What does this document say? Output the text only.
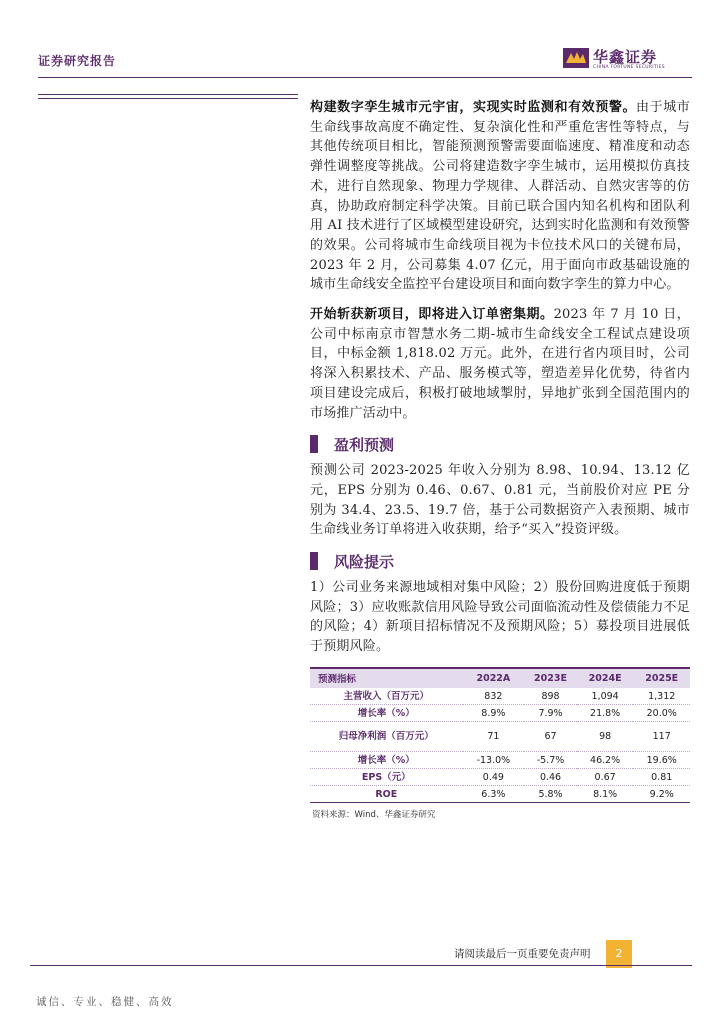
证券研究报告	华鑫证券
CHINA FORTUNE SECURITIES

构建数字孪生城市元宇宙，实现实时监测和有效预警。由于城市生命线事故高度不确定性、复杂演化性和严重危害性等特点，与其他传统项目相比，智能预测预警需要面临速度、精准度和动态弹性调整度等挑战。公司将建造数字孪生城市，运用模拟仿真技术，进行自然现象、物理力学规律、人群活动、自然灾害等的仿真，协助政府制定科学决策。目前已联合国内知名机构和团队利用 AI 技术进行了区域模型建设研究，达到实时化监测和有效预警的效果。公司将城市生命线项目视为卡位技术风口的关键布局，2023 年 2 月，公司募集 4.07 亿元，用于面向市政基础设施的城市生命线安全监控平台建设项目和面向数字孪生的算力中心。

开始斩获新项目，即将进入订单密集期。2023 年 7 月 10 日，公司中标南京市智慧水务二期-城市生命线安全工程试点建设项目，中标金额 1,818.02 万元。此外，在进行省内项目时，公司将深入积累技术、产品、服务模式等，塑造差异化优势，待省内项目建设完成后，积极打破地域掣肘，异地扩张到全国范围内的市场推广活动中。

盈利预测

预测公司 2023-2025 年收入分别为 8.98、10.94、13.12 亿元，EPS 分别为 0.46、0.67、0.81 元，当前股价对应 PE 分别为 34.4、23.5、19.7 倍，基于公司数据资产入表预期、城市生命线业务订单将进入收获期，给予“买入”投资评级。

风险提示

1）公司业务来源地域相对集中风险；2）股份回购进度低于预期风险；3）应收账款信用风险导致公司面临流动性及偿债能力不足的风险；4）新项目招标情况不及预期风险；5）募投项目进展低于预期风险。

预测指标	2022A	2023E	2024E	2025E
主营收入（百万元）	832	898	1,094	1,312
增长率（%）	8.9%	7.9%	21.8%	20.0%
归母净利润（百万元）	71	67	98	117
增长率（%）	-13.0%	-5.7%	46.2%	19.6%
EPS（元）	0.49	0.46	0.67	0.81
ROE	6.3%	5.8%	8.1%	9.2%
资料来源：Wind、华鑫证券研究
请阅读最后一页重要免责声明	2
诚信、专业、稳健、高效
